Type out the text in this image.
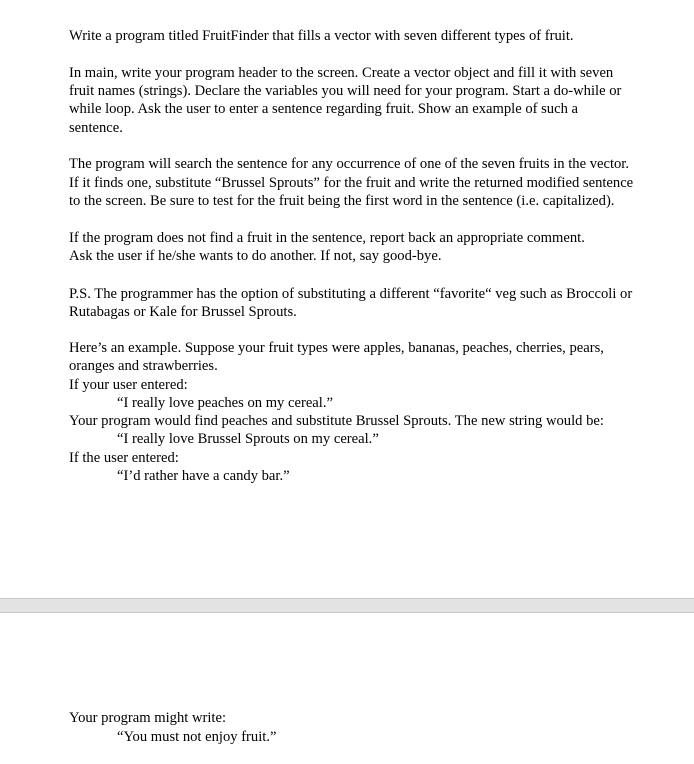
Write a program titled FruitFinder that fills a vector with seven different types of fruit.
In main, write your program header to the screen. Create a vector object and fill it with seven
fruit names (strings). Declare the variables you will need for your program. Start a do-while or
while loop. Ask the user to enter a sentence regarding fruit. Show an example of such a
sentence.
The program will search the sentence for any occurrence of one of the seven fruits in the vector.
If it finds one, substitute “Brussel Sprouts” for the fruit and write the returned modified sentence
to the screen. Be sure to test for the fruit being the first word in the sentence (i.e. capitalized).
If the program does not find a fruit in the sentence, report back an appropriate comment.
Ask the user if he/she wants to do another. If not, say good-bye.
P.S. The programmer has the option of substituting a different “favorite“ veg such as Broccoli or
Rutabagas or Kale for Brussel Sprouts.
Here’s an example. Suppose your fruit types were apples, bananas, peaches, cherries, pears,
oranges and strawberries.
If your user entered:
“I really love peaches on my cereal.”
Your program would find peaches and substitute Brussel Sprouts. The new string would be:
“I really love Brussel Sprouts on my cereal.”
If the user entered:
“I’d rather have a candy bar.”
Your program might write:
“You must not enjoy fruit.”
